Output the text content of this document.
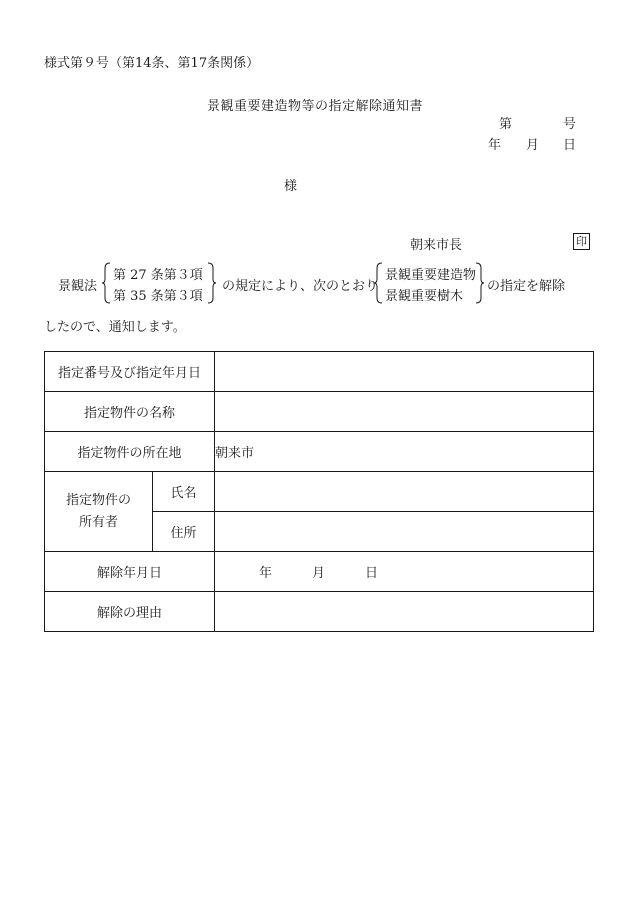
様式第９号（第14条、第17条関係）
景観重要建造物等の指定解除通知書
第	号
年 月 日
様
朝来市長	印
景観法
第 27 条第３項
第 35 条第３項
の規定により、次のとおり
景観重要建造物
景観重要樹木
の指定を解除
したので、通知します。
指定番号及び指定年月日		
指定物件の名称		
指定物件の所在地		朝来市
指定物件の
所有者	氏名	
	住所	
解除年月日		年 月 日
解除の理由		
